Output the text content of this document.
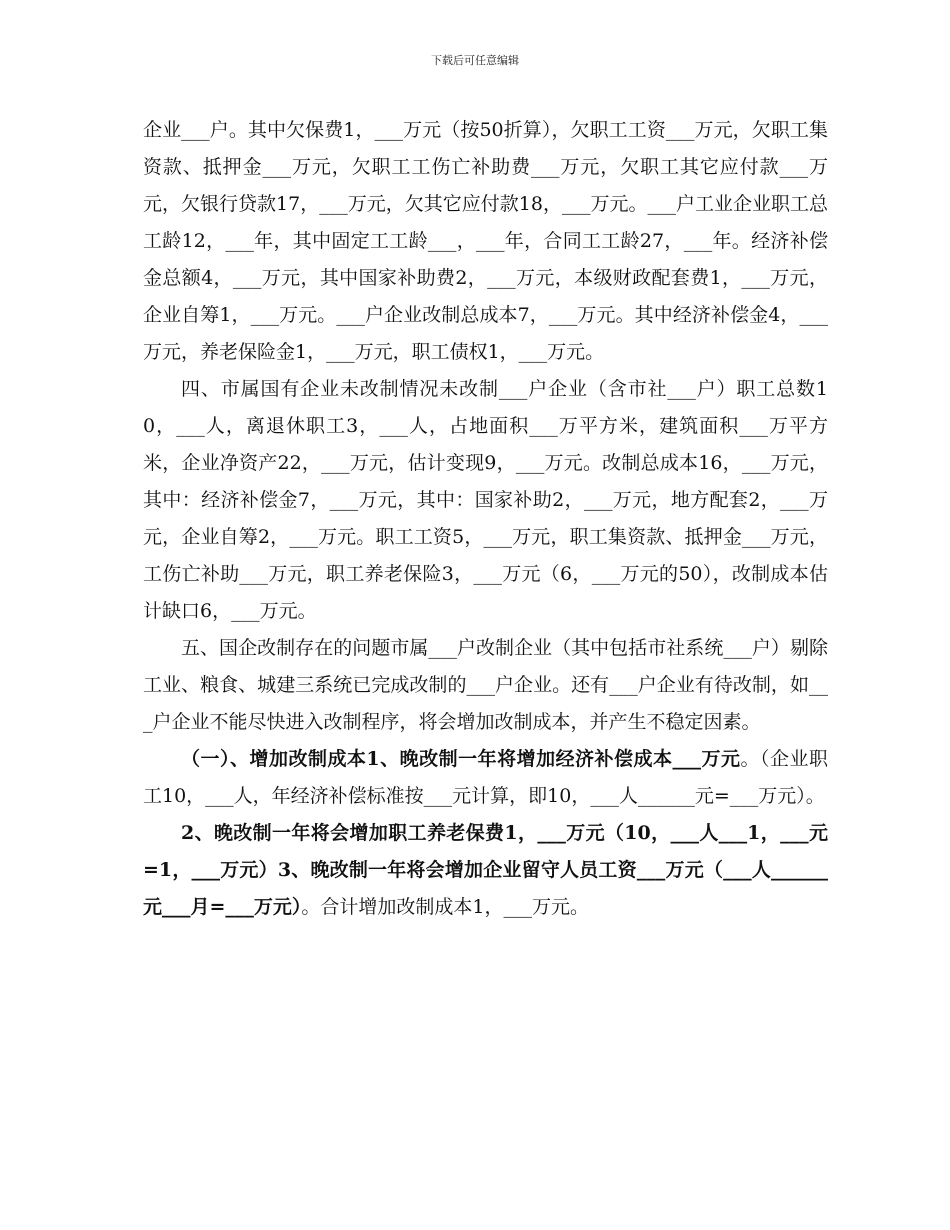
下载后可任意编辑

企业___户。其中欠保费1，___万元（按50折算），欠职工工资___万元，欠职工集资款、抵押金___万元，欠职工工伤亡补助费___万元，欠职工其它应付款___万元，欠银行贷款17，___万元，欠其它应付款18，___万元。___户工业企业职工总工龄12，___年，其中固定工工龄___，___年，合同工工龄27，___年。经济补偿金总额4，___万元，其中国家补助费2，___万元，本级财政配套费1，___万元，企业自筹1，___万元。___户企业改制总成本7，___万元。其中经济补偿金4，___万元，养老保险金1，___万元，职工债权1，___万元。

四、市属国有企业未改制情况未改制___户企业（含市社___户）职工总数10，___人，离退休职工3，___人，占地面积___万平方米，建筑面积___万平方米，企业净资产22，___万元，估计变现9，___万元。改制总成本16，___万元，其中：经济补偿金7，___万元，其中：国家补助2，___万元，地方配套2，___万元，企业自筹2，___万元。职工工资5，___万元，职工集资款、抵押金___万元，工伤亡补助___万元，职工养老保险3，___万元（6，___万元的50），改制成本估计缺口6，___万元。

五、国企改制存在的问题市属___户改制企业（其中包括市社系统___户）剔除工业、粮食、城建三系统已完成改制的___户企业。还有___户企业有待改制，如___户企业不能尽快进入改制程序，将会增加改制成本，并产生不稳定因素。

（一）、增加改制成本1、晚改制一年将增加经济补偿成本___万元。（企业职工10，___人，年经济补偿标准按___元计算，即10，___人______元=___万元）。

2、晚改制一年将会增加职工养老保费1，___万元（10，___人___1，___元=1，___万元）3、晚改制一年将会增加企业留守人员工资___万元（___人______元___月=___万元）。合计增加改制成本1，___万元。
